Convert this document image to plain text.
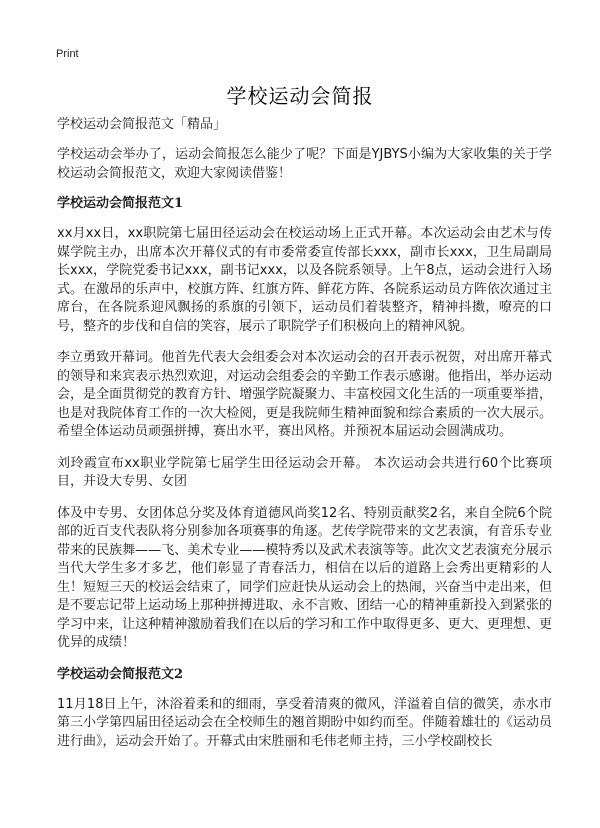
Print
学校运动会简报

学校运动会简报范文「精品」

学校运动会举办了，运动会简报怎么能少了呢？下面是YJBYS小编为大家收集的关于学校运动会简报范文，欢迎大家阅读借鉴！

学校运动会简报范文1

xx月xx日，xx职院第七届田径运动会在校运动场上正式开幕。本次运动会由艺术与传媒学院主办，出席本次开幕仪式的有市委常委宣传部长xxx，副市长xxx，卫生局副局长xxx，学院党委书记xxx，副书记xxx，以及各院系领导。上午8点，运动会进行入场式。在激昂的乐声中，校旗方阵、红旗方阵、鲜花方阵、各院系运动员方阵依次通过主席台，在各院系迎风飘扬的系旗的引领下，运动员们着装整齐，精神抖擞，嘹亮的口号，整齐的步伐和自信的笑容，展示了职院学子们积极向上的精神风貌。

李立勇致开幕词。他首先代表大会组委会对本次运动会的召开表示祝贺，对出席开幕式的领导和来宾表示热烈欢迎，对运动会组委会的辛勤工作表示感谢。他指出，举办运动会，是全面贯彻党的教育方针、增强学院凝聚力、丰富校园文化生活的一项重要举措，也是对我院体育工作的一次大检阅，更是我院师生精神面貌和综合素质的一次大展示。希望全体运动员顽强拼搏，赛出水平，赛出风格。并预祝本届运动会圆满成功。

刘玲霞宣布xx职业学院第七届学生田径运动会开幕。 本次运动会共进行60个比赛项目，并设大专男、女团

体及中专男、女团体总分奖及体育道德风尚奖12名、特别贡献奖2名，来自全院6个院部的近百支代表队将分别参加各项赛事的角逐。艺传学院带来的文艺表演，有音乐专业带来的民族舞——飞、美术专业——模特秀以及武术表演等等。此次文艺表演充分展示当代大学生多才多艺，他们彰显了青春活力，相信在以后的道路上会秀出更精彩的人生！短短三天的校运会结束了，同学们应赶快从运动会上的热闹，兴奋当中走出来，但是不要忘记带上运动场上那种拼搏进取、永不言败、团结一心的精神重新投入到紧张的学习中来，让这种精神激励着我们在以后的学习和工作中取得更多、更大、更理想、更优异的成绩！

学校运动会简报范文2

11月18日上午，沐浴着柔和的细雨，享受着清爽的微风，洋溢着自信的微笑，赤水市第三小学第四届田径运动会在全校师生的翘首期盼中如约而至。伴随着雄壮的《运动员进行曲》，运动会开始了。开幕式由宋胜丽和毛伟老师主持，三小学校副校长
